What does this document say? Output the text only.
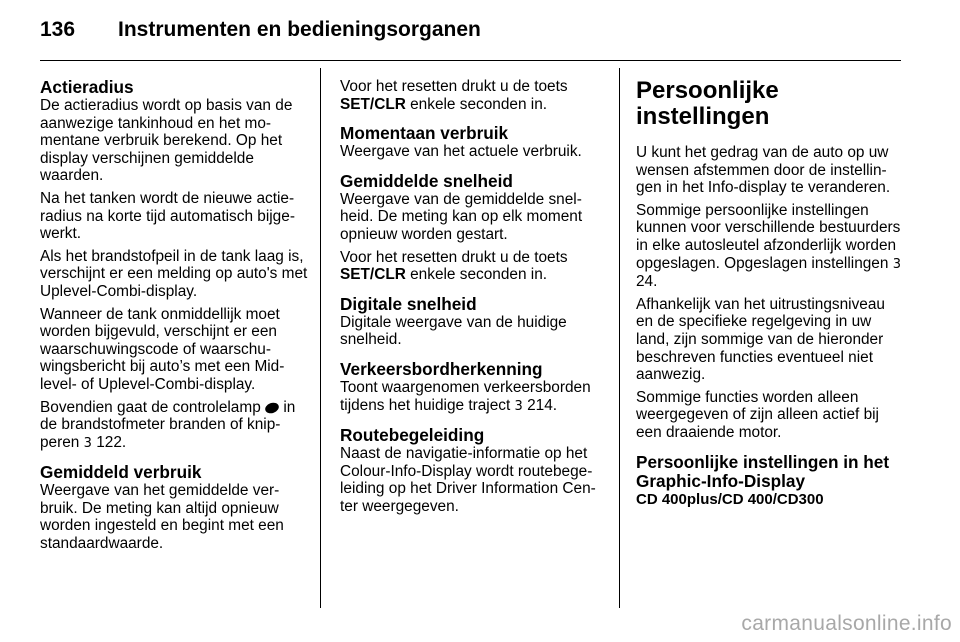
136 Instrumenten en bedieningsorganen
Actieradius

De actieradius wordt op basis van de aanwezige tankinhoud en het momentane verbruik berekend. Op het display verschijnen gemiddelde waarden.

Na het tanken wordt de nieuwe actieradius na korte tijd automatisch bijgewerkt.

Als het brandstofpeil in de tank laag is, verschijnt er een melding op auto's met Uplevel-Combi-display.

Wanneer de tank onmiddellijk moet worden bijgevuld, verschijnt er een waarschuwingscode of waarschuwingsbericht bij auto’s met een Mid-level- of Uplevel-Combi-display.

Bovendien gaat de controlelamp in de brandstofmeter branden of knipperen 3 122.

Gemiddeld verbruik

Weergave van het gemiddelde verbruik. De meting kan altijd opnieuw worden ingesteld en begint met een standaardwaarde.

Voor het resetten drukt u de toets SET/CLR enkele seconden in.

Momentaan verbruik

Weergave van het actuele verbruik.

Gemiddelde snelheid

Weergave van de gemiddelde snelheid. De meting kan op elk moment opnieuw worden gestart.

Voor het resetten drukt u de toets SET/CLR enkele seconden in.

Digitale snelheid

Digitale weergave van de huidige snelheid.

Verkeersbordherkenning

Toont waargenomen verkeersborden tijdens het huidige traject 3 214.

Routebegeleiding

Naast de navigatie-informatie op het Colour-Info-Display wordt routebegeleiding op het Driver Information Center weergegeven.

Persoonlijke
instellingen

U kunt het gedrag van de auto op uw wensen afstemmen door de instellingen in het Info-display te veranderen.

Sommige persoonlijke instellingen kunnen voor verschillende bestuurders in elke autosleutel afzonderlijk worden opgeslagen. Opgeslagen instellingen 3 24.

Afhankelijk van het uitrustingsniveau en de specifieke regelgeving in uw land, zijn sommige van de hieronder beschreven functies eventueel niet aanwezig.

Sommige functies worden alleen weergegeven of zijn alleen actief bij een draaiende motor.

Persoonlijke instellingen in het Graphic-Info-Display

CD 400plus/CD 400/CD300

carmanualsonline.info
